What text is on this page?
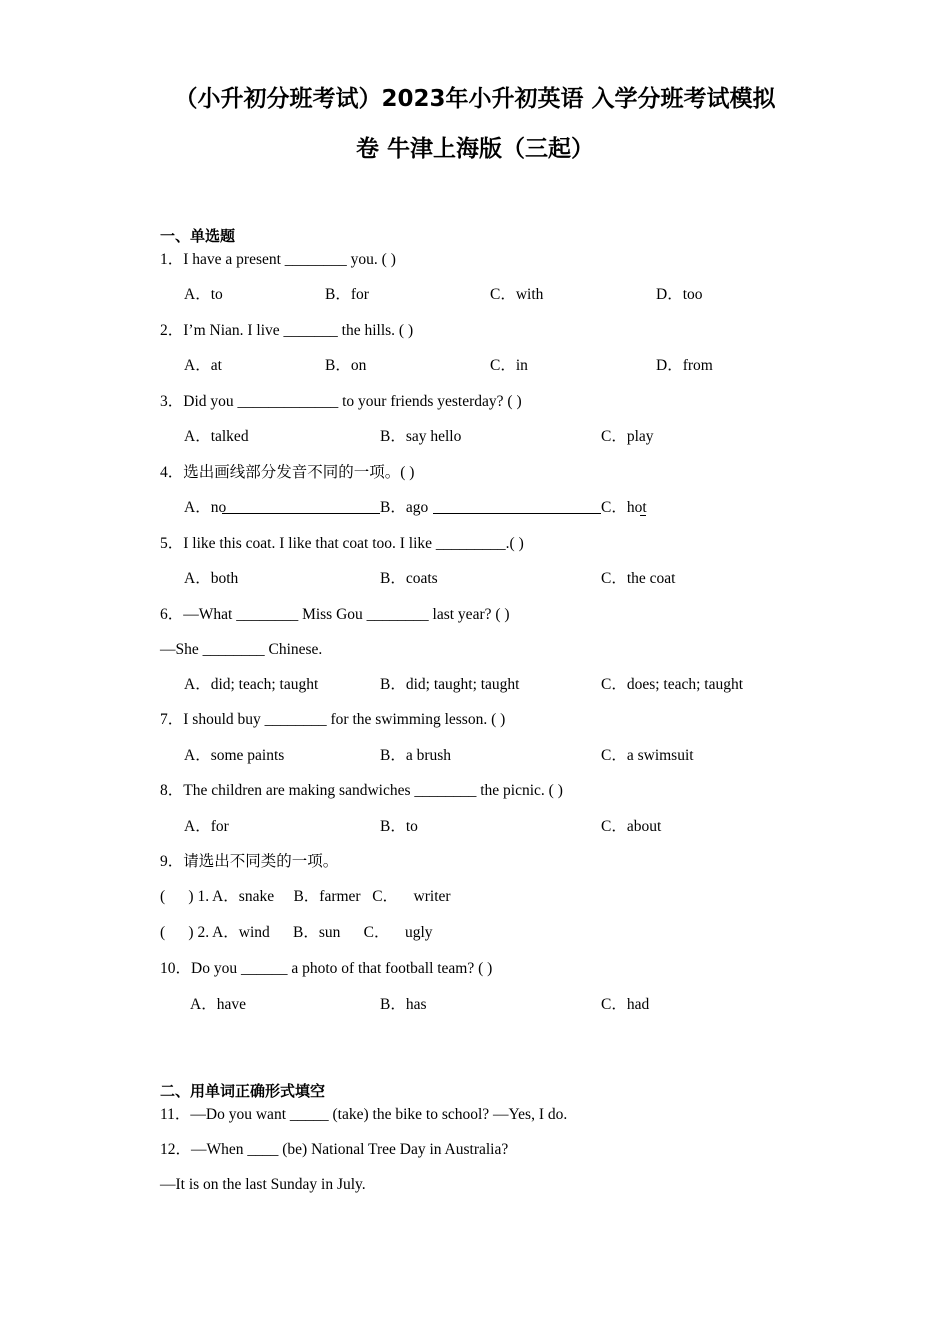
（小升初分班考试）2023年小升初英语 入学分班考试模拟
卷 牛津上海版（三起）
一、单选题
1．I have a present ________ you. ( )
A．to	B．for	C．with	D．too
2．I’m Nian. I live _______ the hills. ( )
A．at	B．on	C．in	D．from
3．Did you _____________ to your friends yesterday? ( )
A．talked	B．say hello	C．play
4．选出画线部分发音不同的一项。( )
A．no	B．ago	C．hot
5．I like this coat. I like that coat too. I like _________.( )
A．both	B．coats	C．the coat
6．—What ________ Miss Gou ________ last year? ( )
—She ________ Chinese.
A．did; teach; taught	B．did; taught; taught	C．does; teach; taught
7．I should buy ________ for the swimming lesson. ( )
A．some paints	B．a brush	C．a swimsuit
8．The children are making sandwiches ________ the picnic. ( )
A．for	B．to	C．about
9．请选出不同类的一项。
(      ) 1. A．snake     B．farmer   C．    writer
(      ) 2. A．wind      B．sun      C．    ugly
10．Do you ______ a photo of that football team? ( )
A．have	B．has	C．had
二、用单词正确形式填空
11．—Do you want _____ (take) the bike to school? —Yes, I do.
12．—When ____ (be) National Tree Day in Australia?
—It is on the last Sunday in July.
